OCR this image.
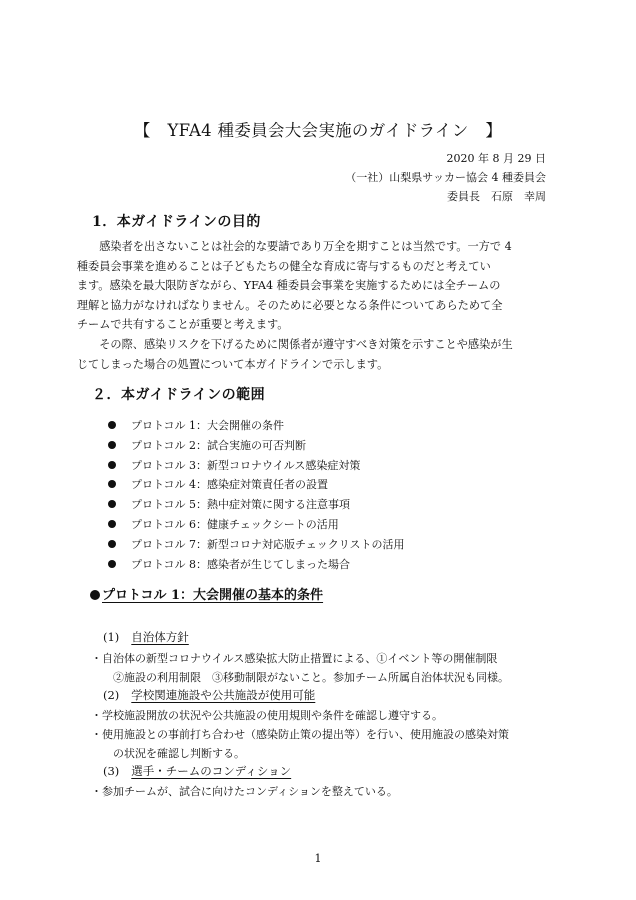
【　YFA4 種委員会大会実施のガイドライン　】
2020 年 8 月 29 日
（一社）山梨県サッカー協会 4 種委員会
委員長　石原　幸周
1．本ガイドラインの目的

感染者を出さないことは社会的な要請であり万全を期すことは当然です。一方で 4
種委員会事業を進めることは子どもたちの健全な育成に寄与するものだと考えてい
ます。感染を最大限防ぎながら、YFA4 種委員会事業を実施するためには全チームの
理解と協力がなければなりません。そのために必要となる条件についてあらためて全
チームで共有することが重要と考えます。

その際、感染リスクを下げるために関係者が遵守すべき対策を示すことや感染が生
じてしまった場合の処置について本ガイドラインで示します。

２．本ガイドラインの範囲
プロトコル 1：大会開催の条件
プロトコル 2：試合実施の可否判断
プロトコル 3：新型コロナウイルス感染症対策
プロトコル 4：感染症対策責任者の設置
プロトコル 5：熱中症対策に関する注意事項
プロトコル 6：健康チェックシートの活用
プロトコル 7：新型コロナ対応版チェックリストの活用
プロトコル 8：感染者が生じてしまった場合
プロトコル 1：大会開催の基本的条件
(1) 自治体方針
・自治体の新型コロナウイルス感染拡大防止措置による、①イベント等の開催制限
②施設の利用制限　③移動制限がないこと。参加チーム所属自治体状況も同様。
(2) 学校関連施設や公共施設が使用可能
・学校施設開放の状況や公共施設の使用規則や条件を確認し遵守する。
・使用施設との事前打ち合わせ（感染防止策の提出等）を行い、使用施設の感染対策
の状況を確認し判断する。
(3) 選手・チームのコンディション
・参加チームが、試合に向けたコンディションを整えている。
1
